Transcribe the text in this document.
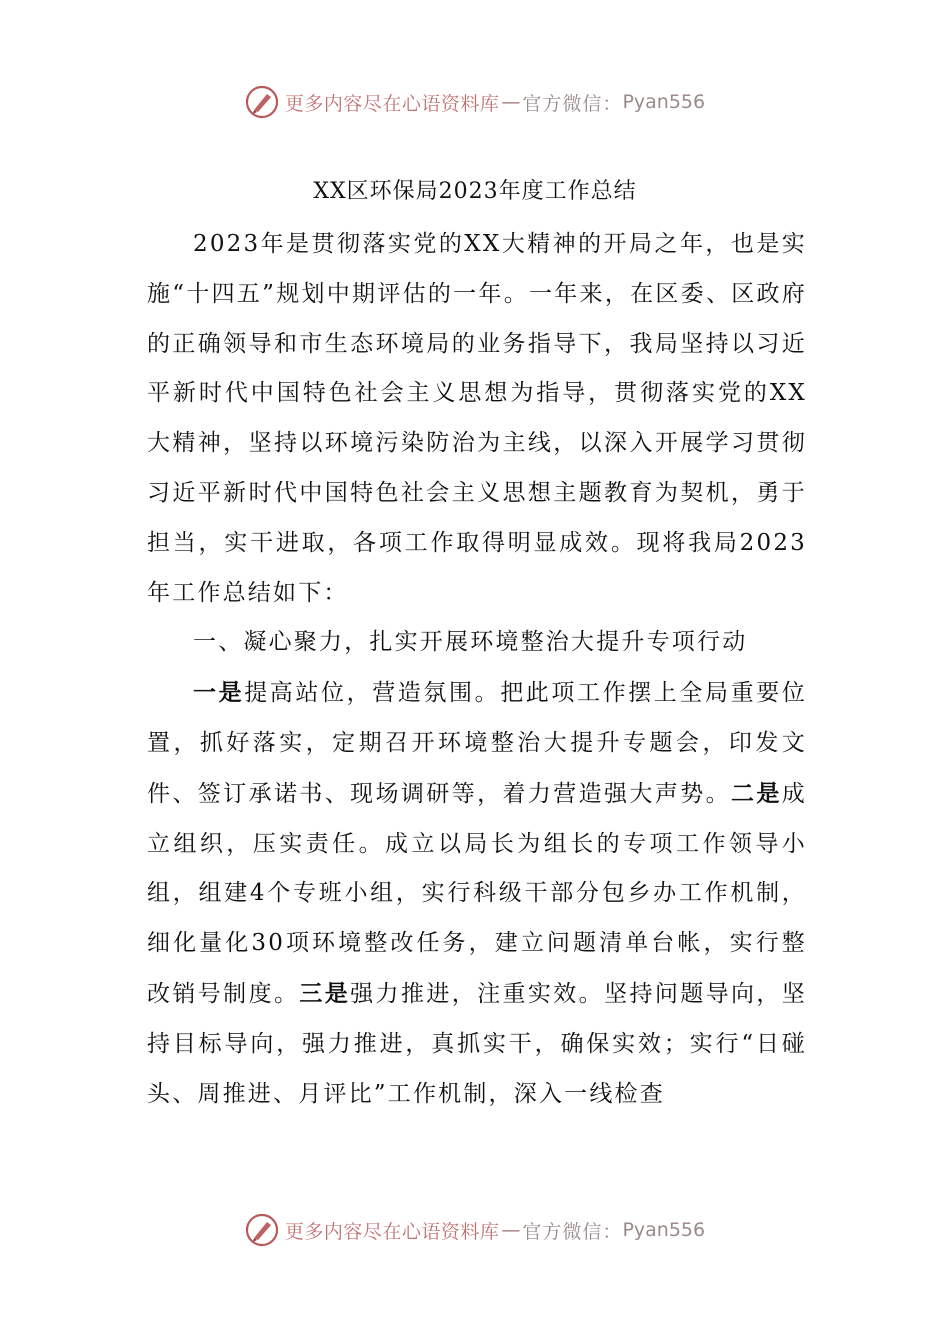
更多内容尽在心语资料库 — 官方微信： Pyan556
XX区环保局2023年度工作总结

2023年是贯彻落实党的XX大精神的开局之年，也是实施“十四五”规划中期评估的一年。一年来，在区委、区政府的正确领导和市生态环境局的业务指导下，我局坚持以习近平新时代中国特色社会主义思想为指导，贯彻落实党的XX大精神，坚持以环境污染防治为主线，以深入开展学习贯彻习近平新时代中国特色社会主义思想主题教育为契机，勇于担当，实干进取，各项工作取得明显成效。现将我局2023年工作总结如下：

一、凝心聚力，扎实开展环境整治大提升专项行动

一是提高站位，营造氛围。把此项工作摆上全局重要位置，抓好落实，定期召开环境整治大提升专题会，印发文件、签订承诺书、现场调研等，着力营造强大声势。二是成立组织，压实责任。成立以局长为组长的专项工作领导小组，组建4个专班小组，实行科级干部分包乡办工作机制，细化量化30项环境整改任务，建立问题清单台帐，实行整改销号制度。三是强力推进，注重实效。坚持问题导向，坚持目标导向，强力推进，真抓实干，确保实效；实行“日碰头、周推进、月评比”工作机制，深入一线检查

更多内容尽在心语资料库 — 官方微信： Pyan556
